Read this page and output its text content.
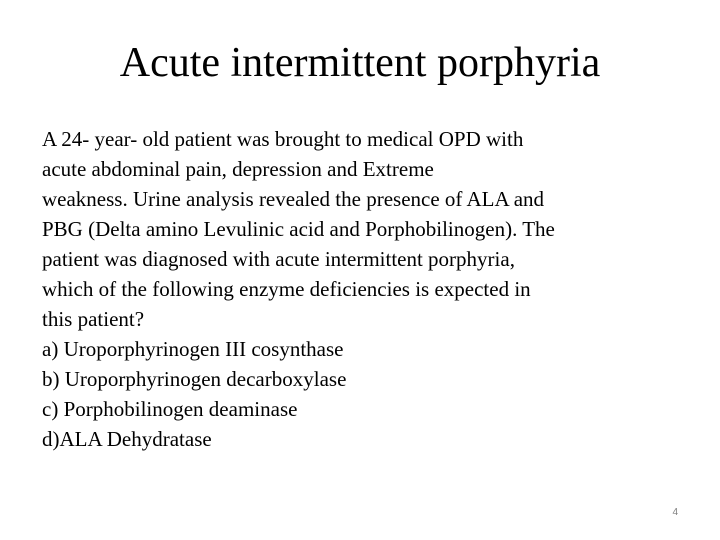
Acute intermittent porphyria
A 24- year- old patient was brought to medical OPD with
acute abdominal pain, depression and Extreme
weakness. Urine analysis revealed the presence of ALA and
PBG (Delta amino Levulinic acid and Porphobilinogen). The
patient was diagnosed with acute intermittent porphyria,
which of the following enzyme deficiencies is expected in
this patient?
a) Uroporphyrinogen III cosynthase
b) Uroporphyrinogen decarboxylase
c) Porphobilinogen deaminase
d)ALA Dehydratase
4
